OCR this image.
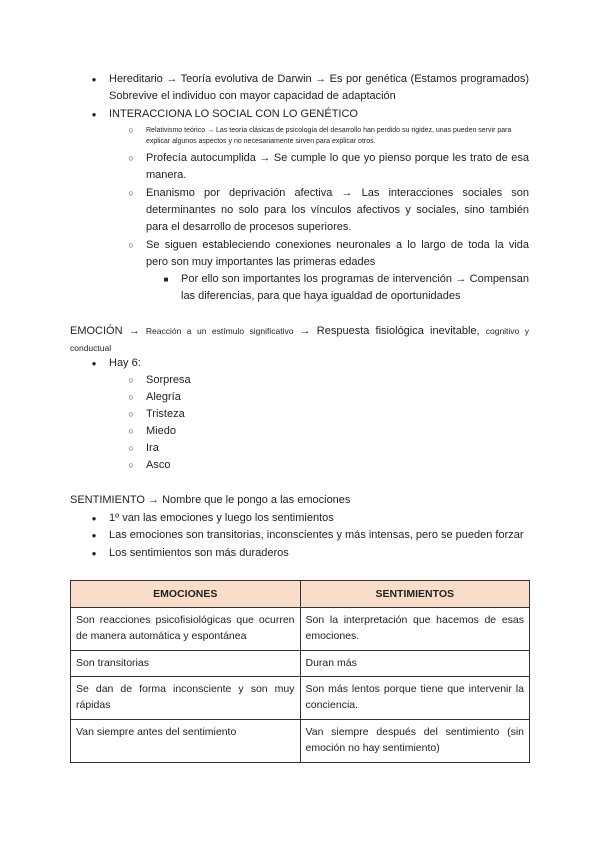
●

Hereditario → Teoría evolutiva de Darwin → Es por genética (Estamos programados) Sobrevive el individuo con mayor capacidad de adaptación

●

INTERACCIONA LO SOCIAL CON LO GENÉTICO

○

Relativismo teórico → Las teoría clásicas de psicología del desarrollo han perdido su rigidez, unas pueden servir para explicar algunos aspectos y no necesariamente sirven para explicar otros.

○

Profecía autocumplida → Se cumple lo que yo pienso porque les trato de esa manera.

○

Enanismo por deprivación afectiva → Las interacciones sociales son determinantes no solo para los vínculos afectivos y sociales, sino también para el desarrollo de procesos superiores.

○

Se siguen estableciendo conexiones neuronales a lo largo de toda la vida pero son muy importantes las primeras edades

■

Por ello son importantes los programas de intervención → Compensan las diferencias, para que haya igualdad de oportunidades

EMOCIÓN → Reacción a un estímulo significativo → Respuesta fisiológica inevitable, cognitivo y conductual

●

Hay 6:

○

Sorpresa

○

Alegría

○

Tristeza

○

Miedo

○

Ira

○

Asco

SENTIMIENTO → Nombre que le pongo a las emociones

●

1º van las emociones y luego los sentimientos

●

Las emociones son transitorias, inconscientes y más intensas, pero se pueden forzar

●

Los sentimientos son más duraderos

EMOCIONES	SENTIMIENTOS
Son reacciones psicofisiológicas que ocurren de manera automática y espontánea	Son la interpretación que hacemos de esas emociones.
Son transitorias	Duran más
Se dan de forma inconsciente y son muy rápidas	Son más lentos porque tiene que intervenir la conciencia.
Van siempre antes del sentimiento	Van siempre después del sentimiento (sin emoción no hay sentimiento)
